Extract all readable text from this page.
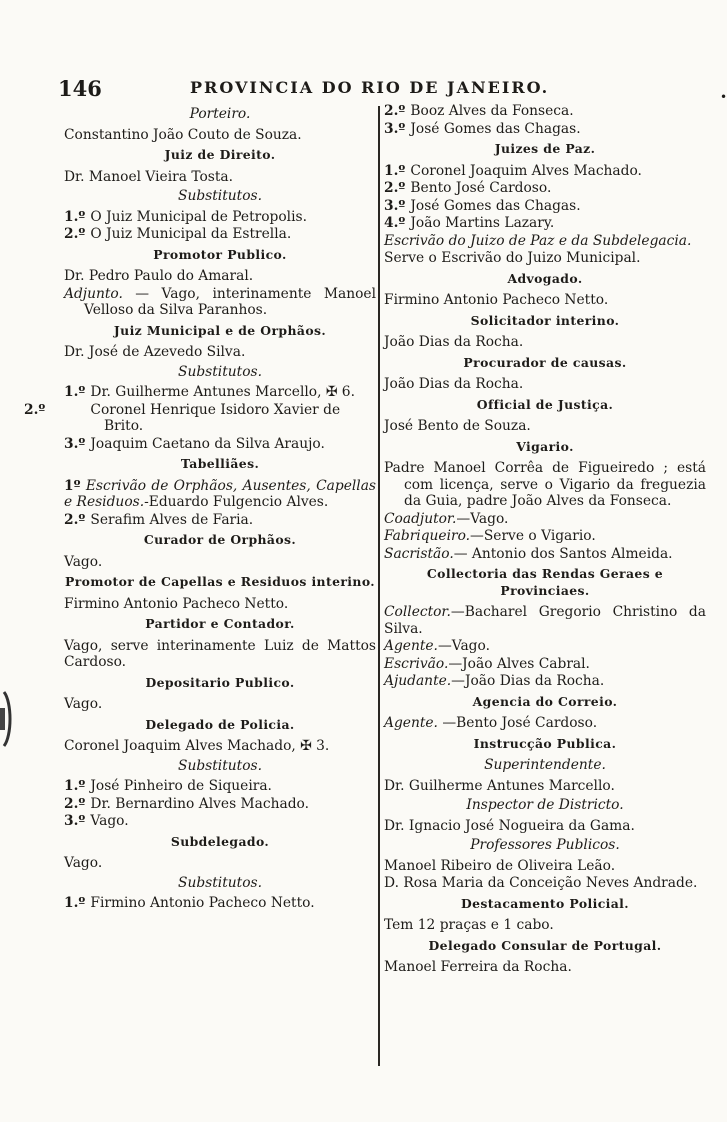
146	PROVINCIA DO RIO DE JANEIRO.	•
Porteiro.
Constantino João Couto de Souza.
Juiz de Direito.
Dr. Manoel Vieira Tosta.
Substitutos.
1.º O Juiz Municipal de Petropolis.
2.º O Juiz Municipal da Estrella.
Promotor Publico.
Dr. Pedro Paulo do Amaral.
Adjunto. — Vago, interinamente Manoel Velloso da Silva Paranhos.
Juiz Municipal e de Orphãos.
Dr. José de Azevedo Silva.
Substitutos.
1.º Dr. Guilherme Antunes Marcello, ✠ 6.
2.º	Coronel Henrique Isidoro Xavier de Brito.
3.º Joaquim Caetano da Silva Araujo.
Tabelliães.
1º Escrivão de Orphãos, Ausentes, Capellas e Residuos.-Eduardo Fulgencio Alves.
2.º Serafim Alves de Faria.
Curador de Orphãos.
Vago.
Promotor de Capellas e Residuos interino.
Firmino Antonio Pacheco Netto.
Partidor e Contador.
Vago, serve interinamente Luiz de Mattos Cardoso.
Depositario Publico.
Vago.
Delegado de Policia.
Coronel Joaquim Alves Machado, ✠ 3.
Substitutos.
1.º José Pinheiro de Siqueira.
2.º Dr. Bernardino Alves Machado.
3.º Vago.
Subdelegado.
Vago.
Substitutos.
1.º Firmino Antonio Pacheco Netto.
2.º Booz Alves da Fonseca.
3.º José Gomes das Chagas.
Juizes de Paz.
1.º Coronel Joaquim Alves Machado.
2.º Bento José Cardoso.
3.º José Gomes das Chagas.
4.º João Martins Lazary.
Escrivão do Juizo de Paz e da Subdelegacia.
Serve o Escrivão do Juizo Municipal.
Advogado.
Firmino Antonio Pacheco Netto.
Solicitador interino.
João Dias da Rocha.
Procurador de causas.
João Dias da Rocha.
Official de Justiça.
José Bento de Souza.
Vigario.
Padre Manoel Corrêa de Figueiredo ; está com licença, serve o Vigario da freguezia da Guia, padre João Alves da Fonseca.
Coadjutor.—Vago.
Fabriqueiro.—Serve o Vigario.
Sacristão.— Antonio dos Santos Almeida.
Collectoria das Rendas Geraes e Provinciaes.
Collector.—Bacharel Gregorio Christino da Silva.
Agente.—Vago.
Escrivão.—João Alves Cabral.
Ajudante.—João Dias da Rocha.
Agencia do Correio.
Agente. —Bento José Cardoso.
Instrucção Publica.
Superintendente.
Dr. Guilherme Antunes Marcello.
Inspector de Districto.
Dr. Ignacio José Nogueira da Gama.
Professores Publicos.
Manoel Ribeiro de Oliveira Leão.
D. Rosa Maria da Conceição Neves Andrade.
Destacamento Policial.
Tem 12 praças e 1 cabo.
Delegado Consular de Portugal.
Manoel Ferreira da Rocha.
